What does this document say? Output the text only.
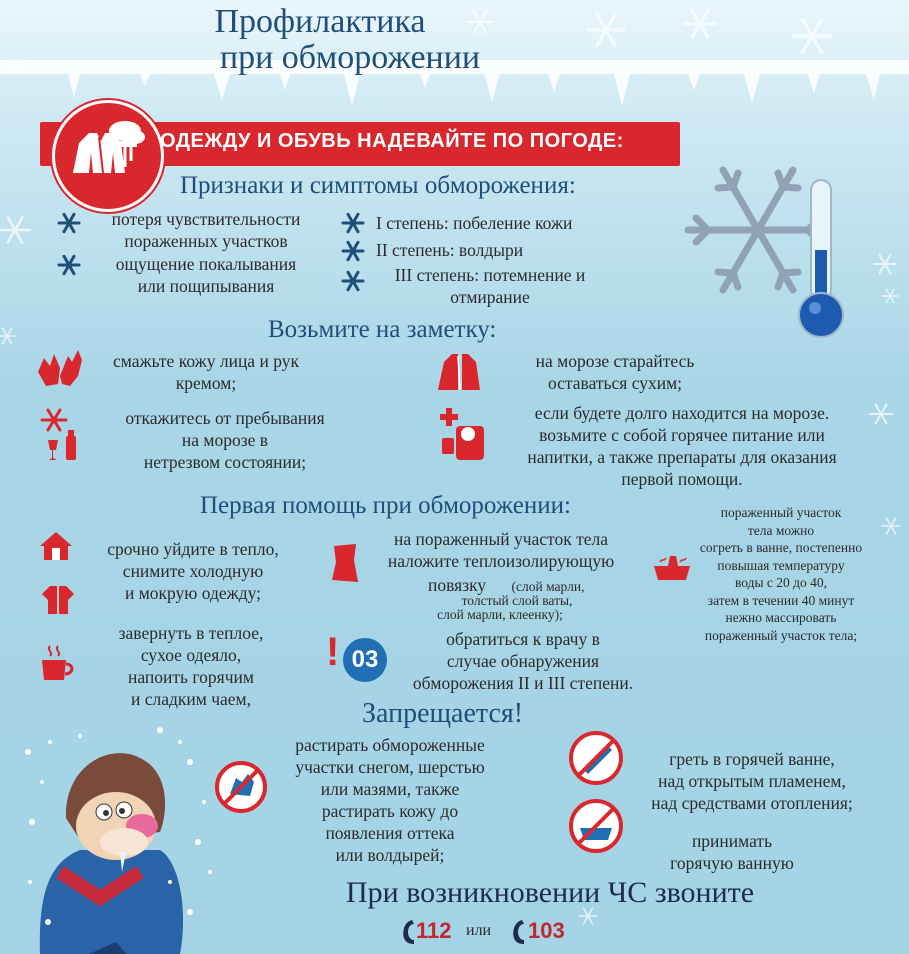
Профилактика
при обморожении
ОДЕЖДУ И ОБУВЬ НАДЕВАЙТЕ ПО ПОГОДЕ:
Признаки и симптомы обморожения:
потеря чувствительности
пораженных участков
ощущение покалывания
или пощипывания
I степень: побеление кожи
II степень: волдыри
III степень: потемнение и
отмирание
Возьмите на заметку:
смажьте кожу лица и рук
кремом;
на морозе старайтесь
оставаться сухим;
откажитесь от пребывания
на морозе в
нетрезвом состоянии;
если будете долго находится на морозе.
возьмите с собой горячее питание или
напитки, а также препараты для оказания
первой помощи.
Первая помощь при обморожении:
срочно уйдите в тепло,
снимите холодную
и мокрую одежду;
завернуть в теплое,
сухое одеяло,
напоить горячим
и сладким чаем,
на пораженный участок тела
наложите теплоизолирующую
повязку	(слой марли,
толстый слой ваты,
слой марли, клеенку);
! 03
обратиться к врачу в
случае обнаружения
обморожения II и III степени.
пораженный участок
тела можно
согреть в ванне, постепенно
повышая температуру
воды с 20 до 40,
затем в течении 40 минут
нежно массировать
пораженный участок тела;
Запрещается!
растирать обмороженные
участки снегом, шерстью
или мазями, также
растирать кожу до
появления оттека
или волдырей;
греть в горячей ванне,
над открытым пламенем,
над средствами отопления;
принимать
горячую ванную
При возникновении ЧС звоните
112 или 103
